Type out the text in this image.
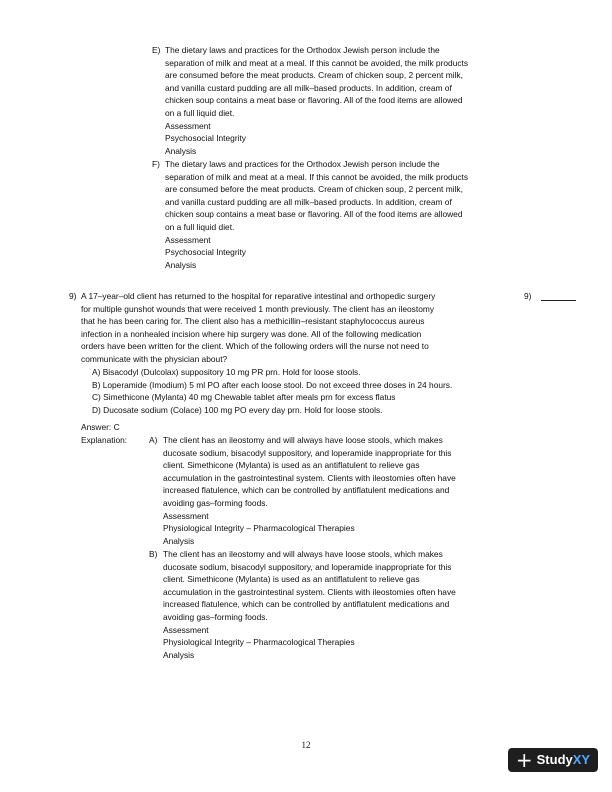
E) The dietary laws and practices for the Orthodox Jewish person include the
separation of milk and meat at a meal. If this cannot be avoided, the milk products
are consumed before the meat products. Cream of chicken soup, 2 percent milk,
and vanilla custard pudding are all milk–based products. In addition, cream of
chicken soup contains a meat base or flavoring. All of the food items are allowed
on a full liquid diet.
Assessment
Psychosocial Integrity
Analysis
F) The dietary laws and practices for the Orthodox Jewish person include the
separation of milk and meat at a meal. If this cannot be avoided, the milk products
are consumed before the meat products. Cream of chicken soup, 2 percent milk,
and vanilla custard pudding are all milk–based products. In addition, cream of
chicken soup contains a meat base or flavoring. All of the food items are allowed
on a full liquid diet.
Assessment
Psychosocial Integrity
Analysis
9) A 17–year–old client has returned to the hospital for reparative intestinal and orthopedic surgery
for multiple gunshot wounds that were received 1 month previously. The client has an ileostomy
that he has been caring for. The client also has a methicillin–resistant staphylococcus aureus
infection in a nonhealed incision where hip surgery was done. All of the following medication
orders have been written for the client. Which of the following orders will the nurse not need to
communicate with the physician about?
9)
A) Bisacodyl (Dulcolax) suppository 10 mg PR prn. Hold for loose stools.
B) Loperamide (Imodium) 5 ml PO after each loose stool. Do not exceed three doses in 24 hours.
C) Simethicone (Mylanta) 40 mg Chewable tablet after meals prn for excess flatus
D) Ducosate sodium (Colace) 100 mg PO every day prn. Hold for loose stools.
Answer: C
Explanation:	A) The client has an ileostomy and will always have loose stools, which makes
ducosate sodium, bisacodyl suppository, and loperamide inappropriate for this
client. Simethicone (Mylanta) is used as an antiflatulent to relieve gas
accumulation in the gastrointestinal system. Clients with ileostomies often have
increased flatulence, which can be controlled by antiflatulent medications and
avoiding gas–forming foods.
Assessment
Physiological Integrity – Pharmacological Therapies
Analysis
B) The client has an ileostomy and will always have loose stools, which makes
ducosate sodium, bisacodyl suppository, and loperamide inappropriate for this
client. Simethicone (Mylanta) is used as an antiflatulent to relieve gas
accumulation in the gastrointestinal system. Clients with ileostomies often have
increased flatulence, which can be controlled by antiflatulent medications and
avoiding gas–forming foods.
Assessment
Physiological Integrity – Pharmacological Therapies
Analysis
12
+ StudyXY
